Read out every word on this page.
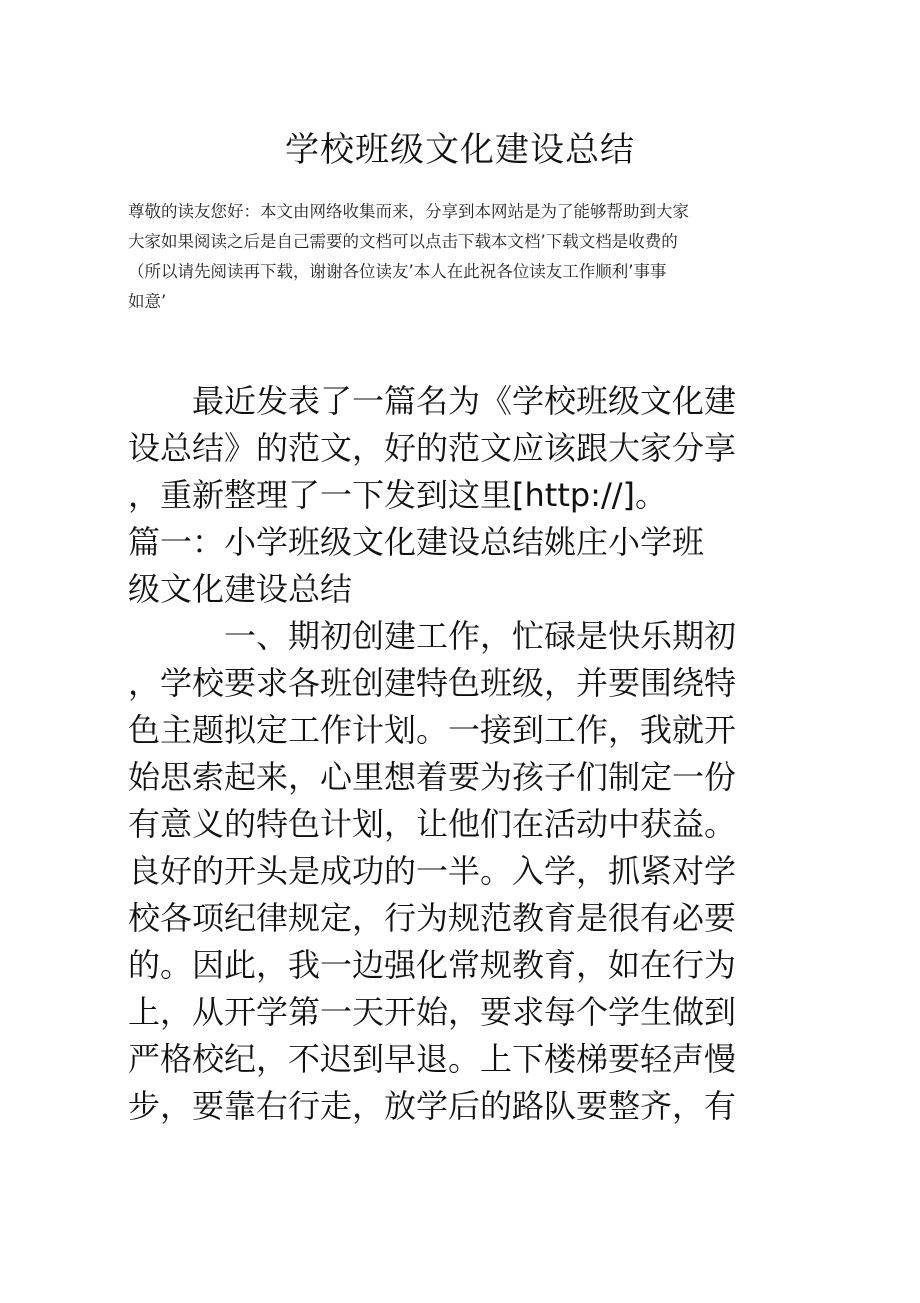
学校班级文化建设总结
尊敬的读友您好：本文由网络收集而来，分享到本网站是为了能够帮助到大家
大家如果阅读之后是自己需要的文档可以点击下载本文档’下载文档是收费的
（所以请先阅读再下载，谢谢各位读友’本人在此祝各位读友工作顺利’事事
如意’
　　最近发表了一篇名为《学校班级文化建
设总结》的范文，好的范文应该跟大家分享
，重新整理了一下发到这里[http://]。
篇一：小学班级文化建设总结姚庄小学班
级文化建设总结
　　　一、期初创建工作，忙碌是快乐期初
，学校要求各班创建特色班级，并要围绕特
色主题拟定工作计划。一接到工作，我就开
始思索起来，心里想着要为孩子们制定一份
有意义的特色计划，让他们在活动中获益。
良好的开头是成功的一半。入学，抓紧对学
校各项纪律规定，行为规范教育是很有必要
的。因此，我一边强化常规教育，如在行为
上，从开学第一天开始，要求每个学生做到
严格校纪，不迟到早退。上下楼梯要轻声慢
步，要靠右行走，放学后的路队要整齐，有
